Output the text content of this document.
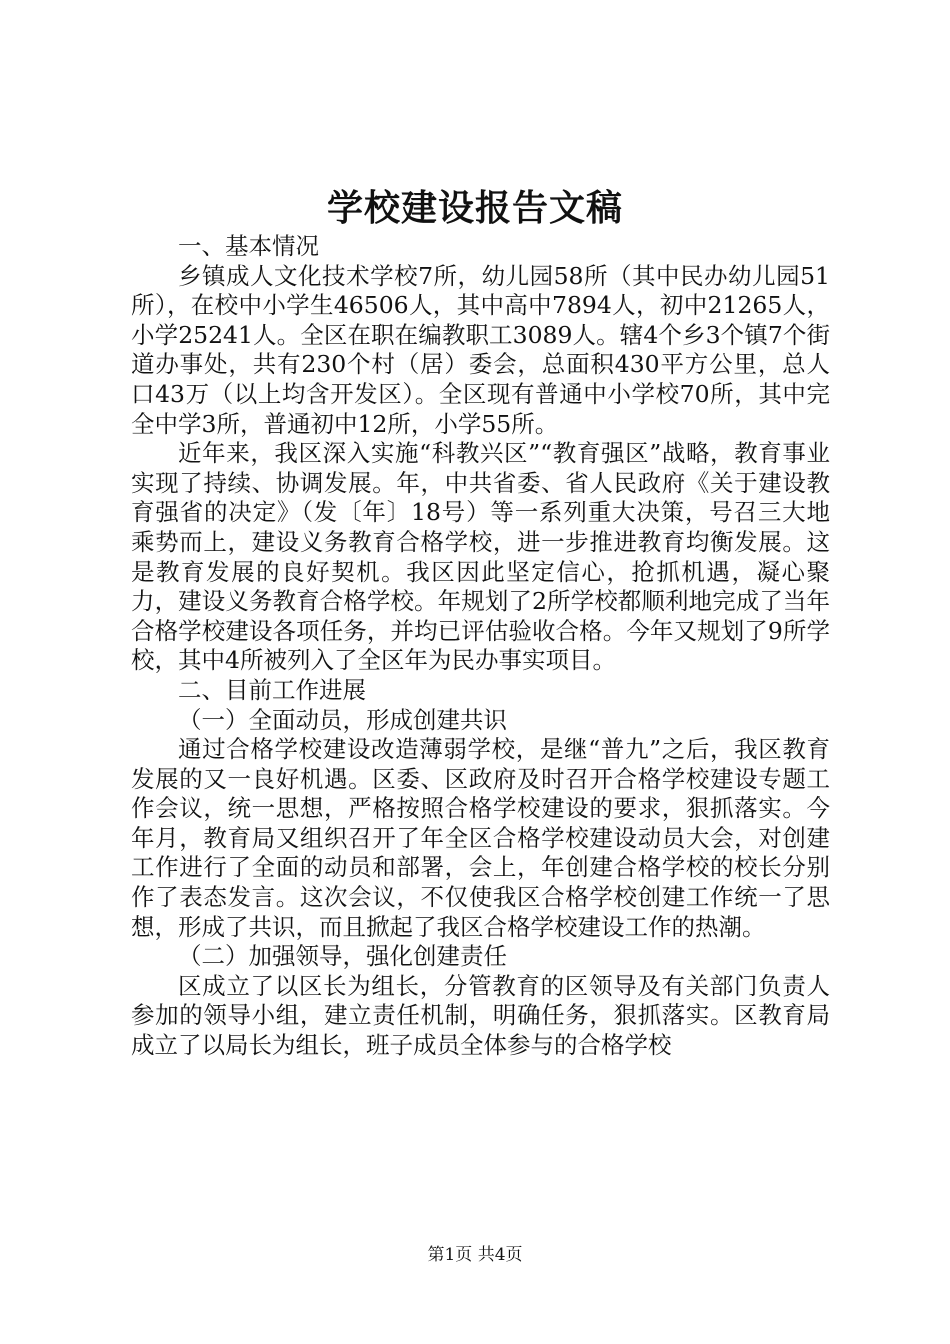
学校建设报告文稿

一、基本情况

乡镇成人文化技术学校7所，幼儿园58所（其中民办幼儿园51所），在校中小学生46506人，其中高中7894人，初中21265人，小学25241人。全区在职在编教职工3089人。辖4个乡3个镇7个街道办事处，共有230个村（居）委会，总面积430平方公里，总人口43万（以上均含开发区）。全区现有普通中小学校70所，其中完全中学3所，普通初中12所，小学55所。

近年来，我区深入实施“科教兴区”“教育强区”战略，教育事业实现了持续、协调发展。年，中共省委、省人民政府《关于建设教育强省的决定》（发〔年〕18号）等一系列重大决策，号召三大地乘势而上，建设义务教育合格学校，进一步推进教育均衡发展。这是教育发展的良好契机。我区因此坚定信心，抢抓机遇，凝心聚力，建设义务教育合格学校。年规划了2所学校都顺利地完成了当年合格学校建设各项任务，并均已评估验收合格。今年又规划了9所学校，其中4所被列入了全区年为民办事实项目。

二、目前工作进展

（一）全面动员，形成创建共识

通过合格学校建设改造薄弱学校，是继“普九”之后，我区教育发展的又一良好机遇。区委、区政府及时召开合格学校建设专题工作会议，统一思想，严格按照合格学校建设的要求，狠抓落实。今年月，教育局又组织召开了年全区合格学校建设动员大会，对创建工作进行了全面的动员和部署，会上，年创建合格学校的校长分别作了表态发言。这次会议，不仅使我区合格学校创建工作统一了思想，形成了共识，而且掀起了我区合格学校建设工作的热潮。

（二）加强领导，强化创建责任

区成立了以区长为组长，分管教育的区领导及有关部门负责人参加的领导小组，建立责任机制，明确任务，狠抓落实。区教育局成立了以局长为组长，班子成员全体参与的合格学校

第1页 共4页
